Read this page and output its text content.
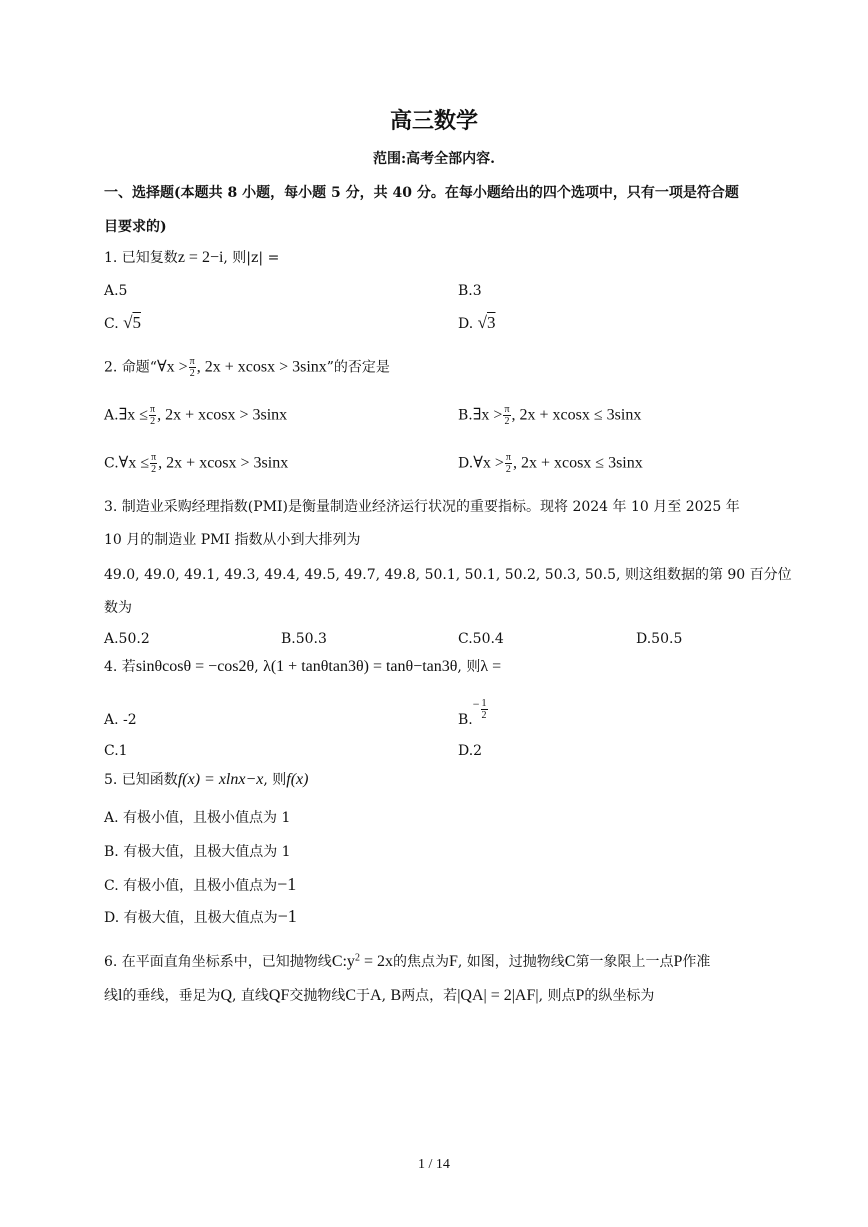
高三数学
范围:高考全部内容.
一、选择题(本题共 8 小题，每小题 5 分，共 40 分。在每小题给出的四个选项中，只有一项是符合题
目要求的)
1. 已知复数z = 2−i, 则|z| =
A.5	B.3
C. √5	D. √3
2. 命题“∀x > $\frac{\pi}{2}$ , 2x + xcosx > 3sinx”的否定是
A.∃x ≤ $\frac{\pi}{2}$ , 2x + xcosx > 3sinx	B.∃x > $\frac{\pi}{2}$ , 2x + xcosx ≤ 3sinx
C.∀x ≤ $\frac{\pi}{2}$ , 2x + xcosx > 3sinx	D.∀x > $\frac{\pi}{2}$ , 2x + xcosx ≤ 3sinx
3. 制造业采购经理指数(PMI)是衡量制造业经济运行状况的重要指标。现将 2024 年 10 月至 2025 年
10 月的制造业 PMI 指数从小到大排列为
49.0, 49.0, 49.1, 49.3, 49.4, 49.5, 49.7, 49.8, 50.1, 50.1, 50.2, 50.3, 50.5, 则这组数据的第 90 百分位
数为
A.50.2	B.50.3	C.50.4	D.50.5
4. 若sinθcosθ = −cos2θ, λ(1 + tanθtan3θ) = tanθ−tan3θ, 则λ =
A. -2	$B.- \frac{1}{2}$
C.1	D.2
5. 已知函数f(x) = xlnx−x, 则f(x)
A. 有极小值，且极小值点为 1
B. 有极大值，且极大值点为 1
C. 有极小值，且极小值点为−1
D. 有极大值，且极大值点为−1
6. 在平面直角坐标系中，已知抛物线$C:y^2 = 2x$的焦点为F, 如图，过抛物线C第一象限上一点P作准
线l的垂线，垂足为Q, 直线QF交抛物线C于A, B两点，若|QA| = 2|AF|, 则点P的纵坐标为
1 / 14
